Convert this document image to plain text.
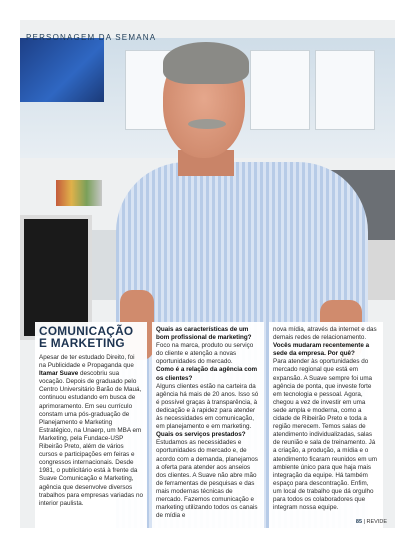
PERSONAGEM DA SEMANA
COMUNICAÇÃO
E MARKETING

Apesar de ter estudado Direito, foi na Publicidade e Propaganda que Itamar Suave descobriu sua vocação. Depois de graduado pelo Centro Universitário Barão de Mauá, continuou estudando em busca de aprimoramento. Em seu currículo constam uma pós-graduação de Planejamento e Marketing Estratégico, na Unaerp, um MBA em Marketing, pela Fundace-USP Ribeirão Preto, além de vários cursos e participações em feiras e congressos internacionais. Desde 1981, o publicitário está à frente da Suave Comunicação e Marketing, agência que desenvolve diversos trabalhos para empresas variadas no interior paulista.

Quais as características de um bom profissional de marketing?

Foco na marca, produto ou serviço do cliente e atenção a novas oportunidades do mercado.

Como é a relação da agência com os clientes?

Alguns clientes estão na carteira da agência há mais de 20 anos. Isso só é possível graças à transparência, à dedicação e à rapidez para atender às necessidades em comunicação, em planejamento e em marketing.

Quais os serviços prestados?

Estudamos as necessidades e oportunidades do mercado e, de acordo com a demanda, planejamos a oferta para atender aos anseios dos clientes. A Suave não abre mão de ferramentas de pesquisas e das mais modernas técnicas de mercado. Fazemos comunicação e marketing utilizando todos os canais de mídia e

nova mídia, através da internet e das demais redes de relacionamento.

Vocês mudaram recentemente a sede da empresa. Por quê?

Para atender às oportunidades do mercado regional que está em expansão. A Suave sempre foi uma agência de ponta, que investe forte em tecnologia e pessoal. Agora, chegou a vez de investir em uma sede ampla e moderna, como a cidade de Ribeirão Preto e toda a região merecem. Temos salas de atendimento individualizadas, salas de reunião e sala de treinamento. Já a criação, a produção, a mídia e o atendimento ficaram reunidos em um ambiente único para que haja mais integração da equipe. Há também espaço para descontração. Enfim, um local de trabalho que dá orgulho para todos os colaboradores que integram nossa equipe.

85 | REVIDE
